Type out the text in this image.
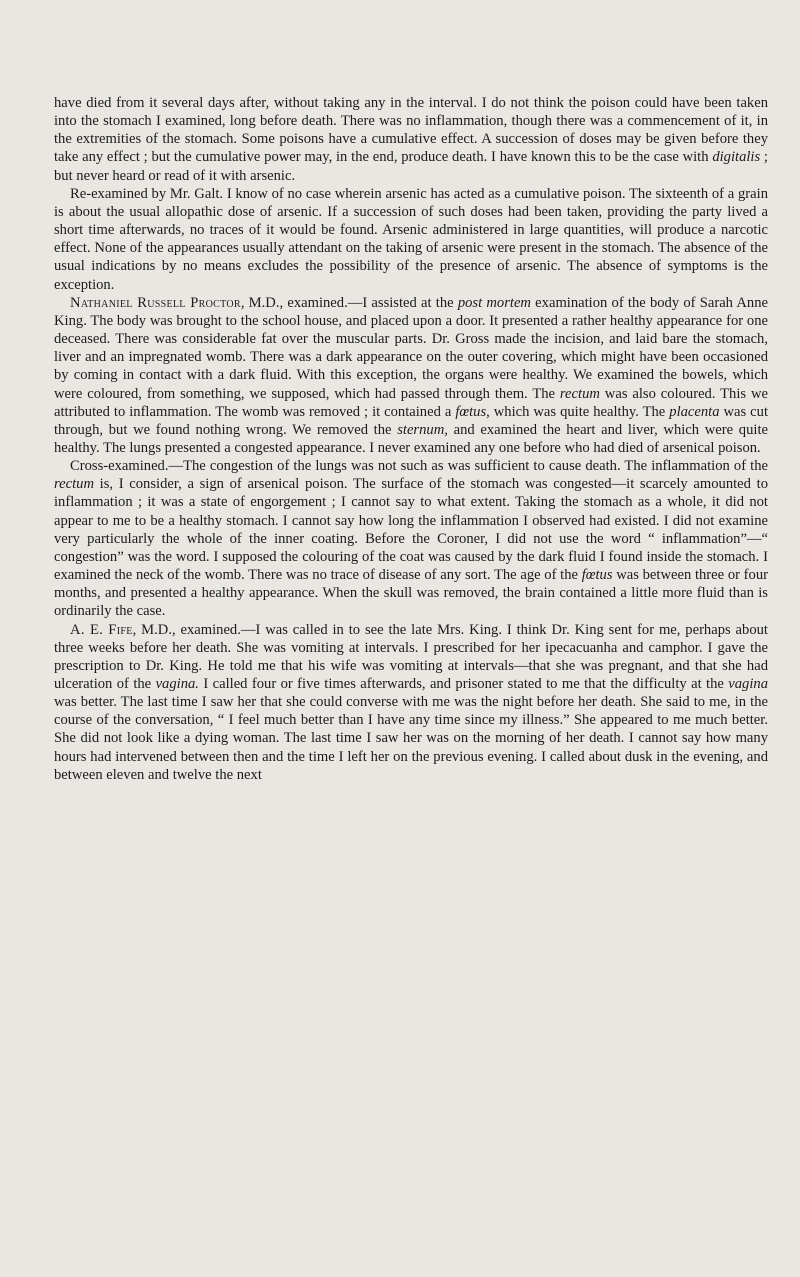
have died from it several days after, without taking any in the interval. I do not think the poison could have been taken into the stomach I examined, long before death. There was no inflammation, though there was a commencement of it, in the extremities of the stomach. Some poisons have a cumulative effect. A succession of doses may be given before they take any effect ; but the cumulative power may, in the end, produce death. I have known this to be the case with digitalis ; but never heard or read of it with arsenic.

Re-examined by Mr. Galt. I know of no case wherein arsenic has acted as a cumulative poison. The sixteenth of a grain is about the usual allopathic dose of arsenic. If a succession of such doses had been taken, providing the party lived a short time afterwards, no traces of it would be found. Arsenic administered in large quantities, will produce a narcotic effect. None of the appearances usually attendant on the taking of arsenic were present in the stomach. The absence of the usual indications by no means excludes the possibility of the presence of arsenic. The absence of symptoms is the exception.

Nathaniel Russell Proctor, M.D., examined.—I assisted at the post mortem examination of the body of Sarah Anne King. The body was brought to the school house, and placed upon a door. It presented a rather healthy appearance for one deceased. There was considerable fat over the muscular parts. Dr. Gross made the incision, and laid bare the stomach, liver and an impregnated womb. There was a dark appearance on the outer covering, which might have been occasioned by coming in contact with a dark fluid. With this exception, the organs were healthy. We examined the bowels, which were coloured, from something, we supposed, which had passed through them. The rectum was also coloured. This we attributed to inflammation. The womb was removed ; it contained a fœtus, which was quite healthy. The placenta was cut through, but we found nothing wrong. We removed the sternum, and examined the heart and liver, which were quite healthy. The lungs presented a congested appearance. I never examined any one before who had died of arsenical poison.

Cross-examined.—The congestion of the lungs was not such as was sufficient to cause death. The inflammation of the rectum is, I consider, a sign of arsenical poison. The surface of the stomach was congested—it scarcely amounted to inflammation ; it was a state of engorgement ; I cannot say to what extent. Taking the stomach as a whole, it did not appear to me to be a healthy stomach. I cannot say how long the inflammation I observed had existed. I did not examine very particularly the whole of the inner coating. Before the Coroner, I did not use the word “ inflammation”—“ congestion” was the word. I supposed the colouring of the coat was caused by the dark fluid I found inside the stomach. I examined the neck of the womb. There was no trace of disease of any sort. The age of the fœtus was between three or four months, and presented a healthy appearance. When the skull was removed, the brain contained a little more fluid than is ordinarily the case.

A. E. Fife, M.D., examined.—I was called in to see the late Mrs. King. I think Dr. King sent for me, perhaps about three weeks before her death. She was vomiting at intervals. I prescribed for her ipecacuanha and camphor. I gave the prescription to Dr. King. He told me that his wife was vomiting at intervals—that she was pregnant, and that she had ulceration of the vagina. I called four or five times afterwards, and prisoner stated to me that the difficulty at the vagina was better. The last time I saw her that she could converse with me was the night before her death. She said to me, in the course of the conversation, “ I feel much better than I have any time since my illness.” She appeared to me much better. She did not look like a dying woman. The last time I saw her was on the morning of her death. I cannot say how many hours had intervened between then and the time I left her on the previous evening. I called about dusk in the evening, and between eleven and twelve the next
